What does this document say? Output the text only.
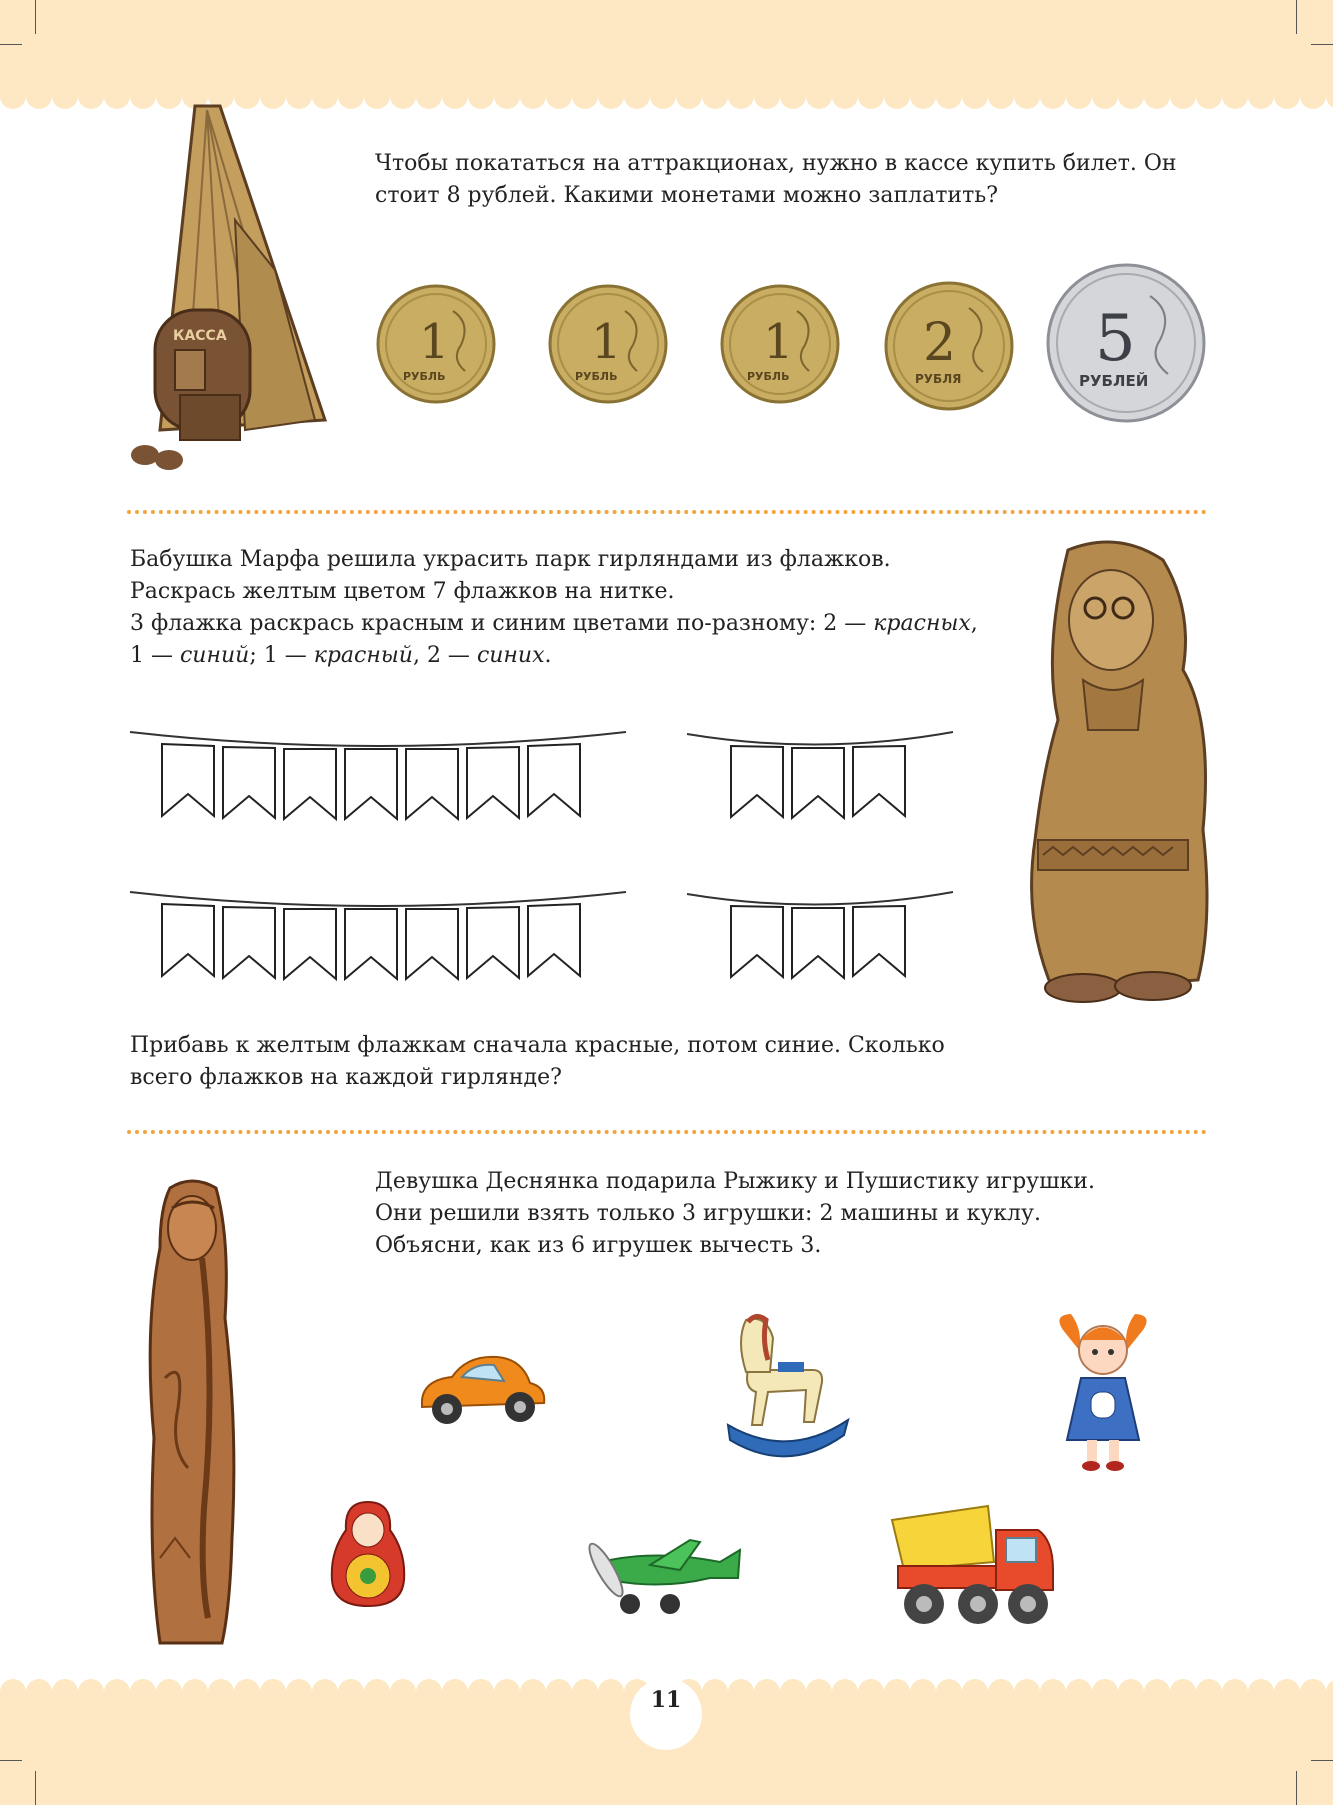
КАССА

Чтобы покататься на аттракционах, нужно в кассе купить билет. Он

стоит 8 рублей. Какими монетами можно заплатить?

1
РУБЛЬ
1
РУБЛЬ
1
РУБЛЬ
2
РУБЛЯ
5
РУБЛЕЙ

Бабушка Марфа решила украсить парк гирляндами из флажков.

Раскрась желтым цветом 7 флажков на нитке.

3 флажка раскрась красным и синим цветами по-разному: 2 — красных,

1 — синий; 1 — красный, 2 — синих.

Прибавь к желтым флажкам сначала красные, потом синие. Сколько

всего флажков на каждой гирлянде?

Девушка Деснянка подарила Рыжику и Пушистику игрушки.

Они решили взять только 3 игрушки: 2 машины и куклу.

Объясни, как из 6 игрушек вычесть 3.

11
